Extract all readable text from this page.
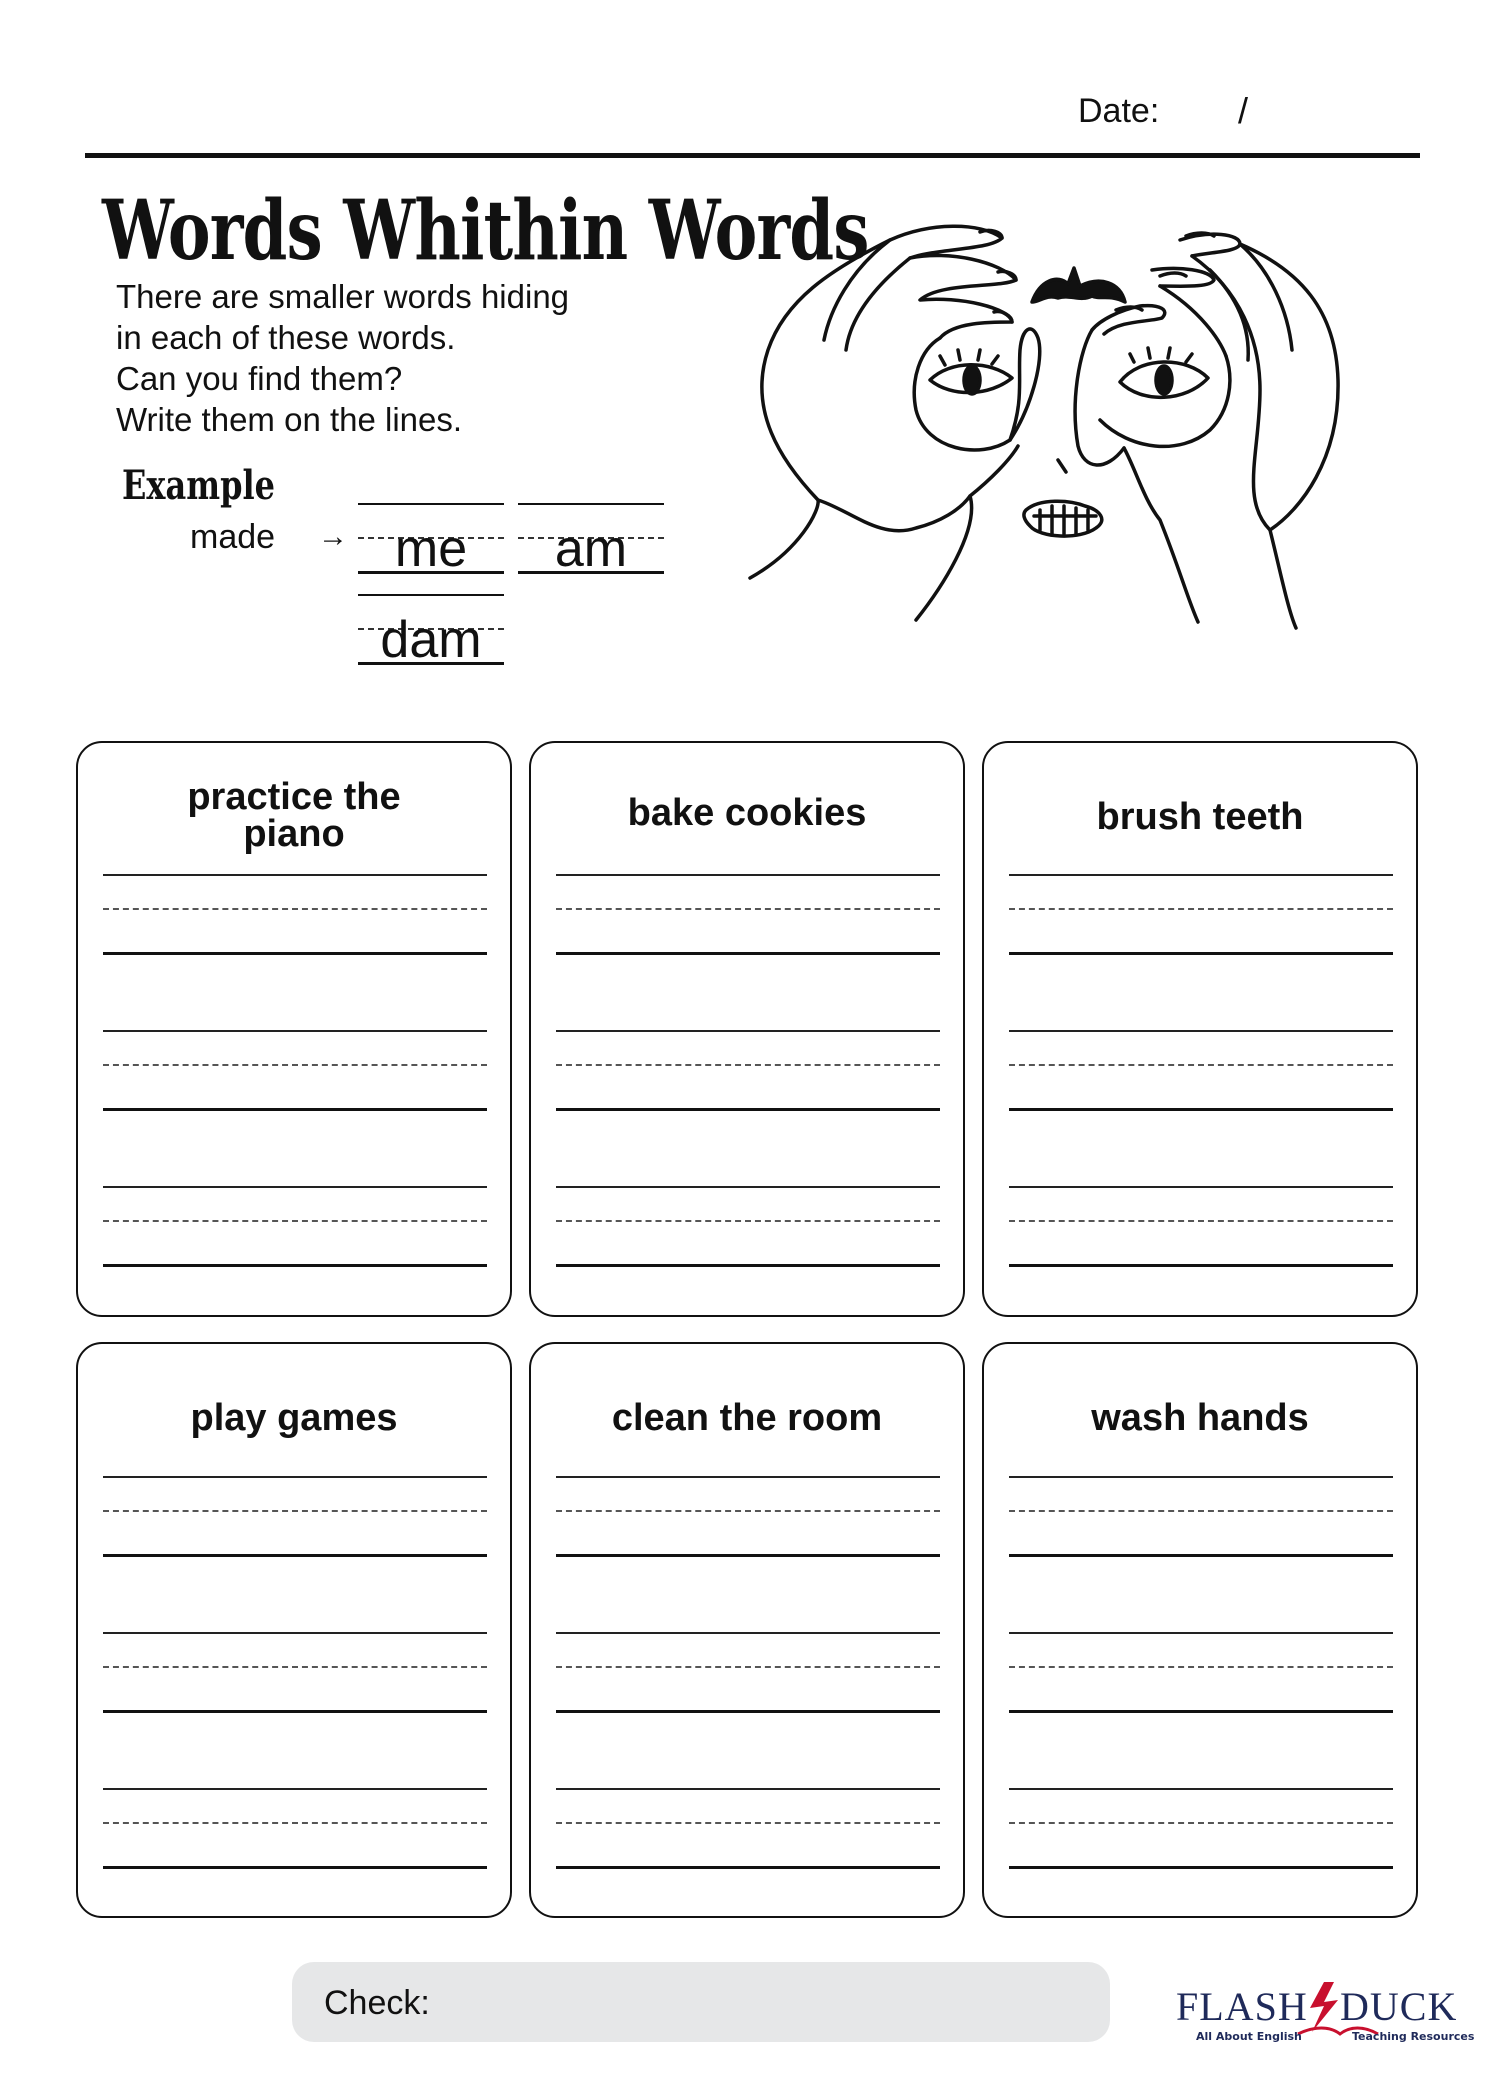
Date: /
Words Whithin Words
There are smaller words hiding
in each of these words.
Can you find them?
Write them on the lines.
Example
made → me	am
dam
practice the
piano	bake cookies	brush teeth
play games	clean the room	wash hands
Check:	FLASH DUCK
All About English	Teaching Resources
